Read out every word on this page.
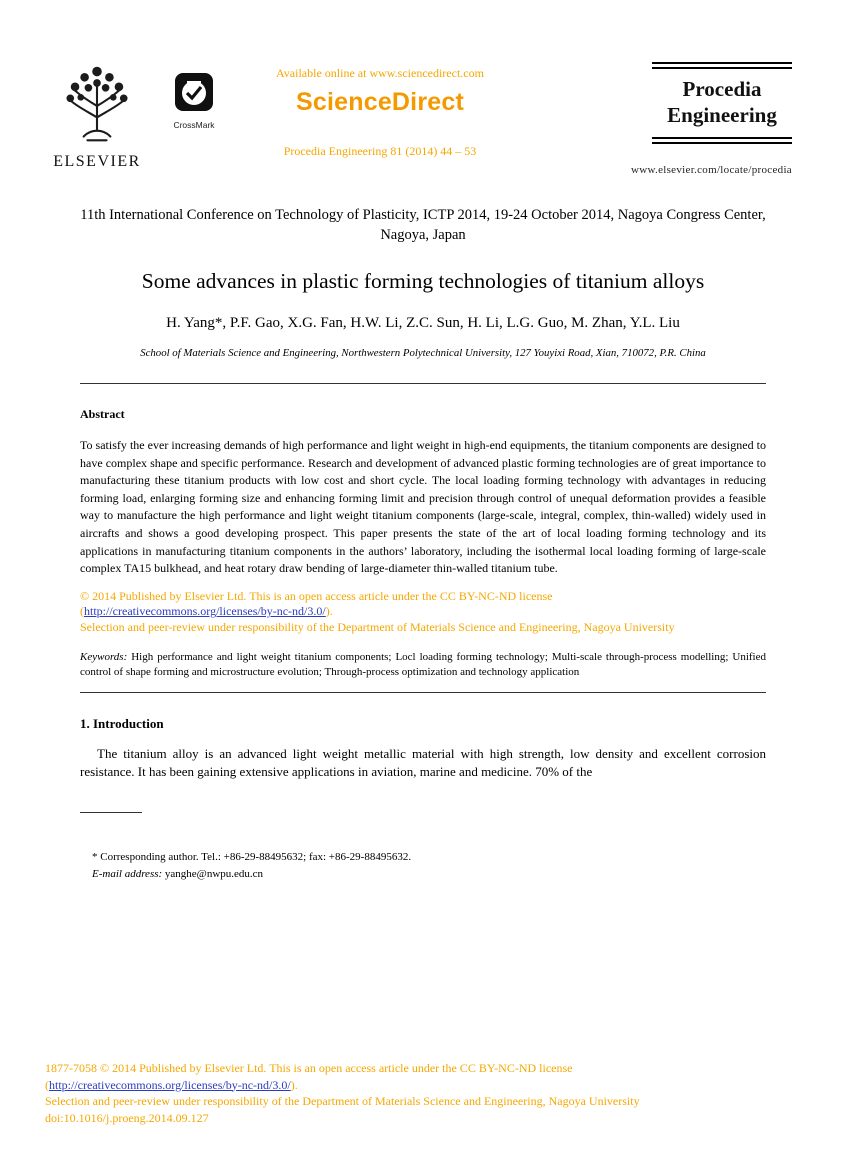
ELSEVIER
CrossMark
Available online at www.sciencedirect.com
ScienceDirect
Procedia Engineering 81 (2014) 44 – 53
Procedia
Engineering
www.elsevier.com/locate/procedia
11th International Conference on Technology of Plasticity, ICTP 2014, 19-24 October 2014, Nagoya Congress Center, Nagoya, Japan
Some advances in plastic forming technologies of titanium alloys
H. Yang*, P.F. Gao, X.G. Fan, H.W. Li, Z.C. Sun, H. Li, L.G. Guo, M. Zhan, Y.L. Liu
School of Materials Science and Engineering, Northwestern Polytechnical University, 127 Youyixi Road, Xian, 710072, P.R. China
Abstract
To satisfy the ever increasing demands of high performance and light weight in high-end equipments, the titanium components are designed to have complex shape and specific performance. Research and development of advanced plastic forming technologies are of great importance to manufacturing these titanium products with low cost and short cycle. The local loading forming technology with advantages in reducing forming load, enlarging forming size and enhancing forming limit and precision through control of unequal deformation provides a feasible way to manufacture the high performance and light weight titanium components (large-scale, integral, complex, thin-walled) widely used in aircrafts and shows a good developing prospect. This paper presents the state of the art of local loading forming technology and its applications in manufacturing titanium components in the authors’ laboratory, including the isothermal local loading forming of large-scale complex TA15 bulkhead, and heat rotary draw bending of large-diameter thin-walled titanium tube.
© 2014 Published by Elsevier Ltd. This is an open access article under the CC BY-NC-ND license
(http://creativecommons.org/licenses/by-nc-nd/3.0/).
Selection and peer-review under responsibility of the Department of Materials Science and Engineering, Nagoya University
Keywords: High performance and light weight titanium components; Locl loading forming technology; Multi-scale through-process modelling; Unified control of shape forming and microstructure evolution; Through-process optimization and technology application
1. Introduction
The titanium alloy is an advanced light weight metallic material with high strength, low density and excellent corrosion resistance. It has been gaining extensive applications in aviation, marine and medicine. 70% of the
* Corresponding author. Tel.: +86-29-88495632; fax: +86-29-88495632.
E-mail address: yanghe@nwpu.edu.cn
1877-7058 © 2014 Published by Elsevier Ltd. This is an open access article under the CC BY-NC-ND license
(http://creativecommons.org/licenses/by-nc-nd/3.0/).
Selection and peer-review under responsibility of the Department of Materials Science and Engineering, Nagoya University
doi:10.1016/j.proeng.2014.09.127
